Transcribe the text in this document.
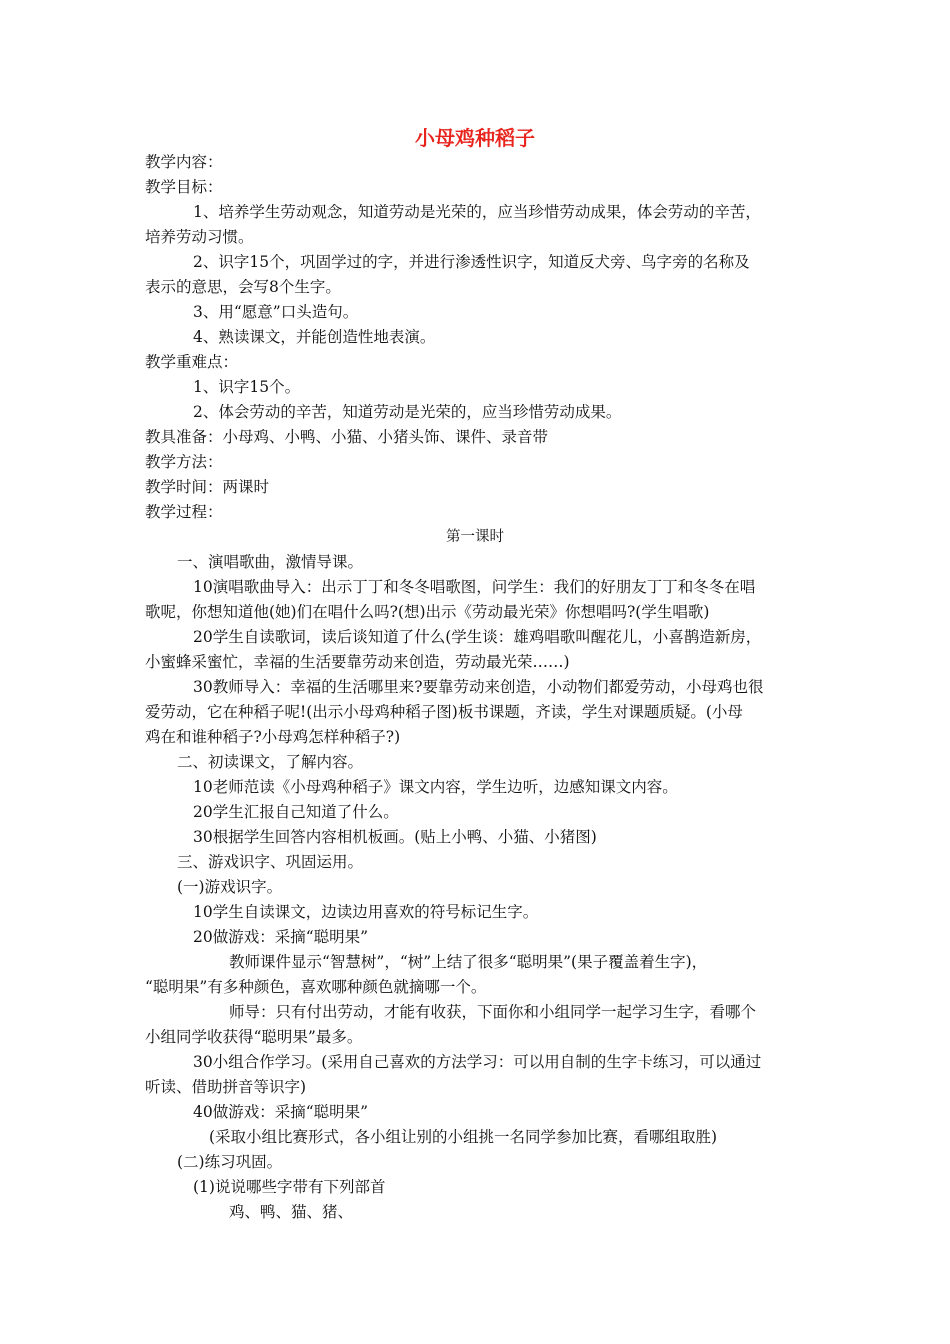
小母鸡种稻子
教学内容：
教学目标：
1、培养学生劳动观念，知道劳动是光荣的，应当珍惜劳动成果，体会劳动的辛苦，
培养劳动习惯。
2、识字15个，巩固学过的字，并进行渗透性识字，知道反犬旁、鸟字旁的名称及
表示的意思，会写8个生字。
3、用“愿意”口头造句。
4、熟读课文，并能创造性地表演。
教学重难点：
1、识字15个。
2、体会劳动的辛苦，知道劳动是光荣的，应当珍惜劳动成果。
教具准备：小母鸡、小鸭、小猫、小猪头饰、课件、录音带
教学方法：
教学时间：两课时
教学过程：
第一课时
一、演唱歌曲，激情导课。
10演唱歌曲导入：出示丁丁和冬冬唱歌图，问学生：我们的好朋友丁丁和冬冬在唱
歌呢，你想知道他(她)们在唱什么吗?(想)出示《劳动最光荣》你想唱吗?(学生唱歌)
20学生自读歌词，读后谈知道了什么(学生谈：雄鸡唱歌叫醒花儿，小喜鹊造新房，
小蜜蜂采蜜忙，幸福的生活要靠劳动来创造，劳动最光荣……)
30教师导入：幸福的生活哪里来?要靠劳动来创造，小动物们都爱劳动，小母鸡也很
爱劳动，它在种稻子呢!(出示小母鸡种稻子图)板书课题，齐读，学生对课题质疑。(小母
鸡在和谁种稻子?小母鸡怎样种稻子?)
二、初读课文，了解内容。
10老师范读《小母鸡种稻子》课文内容，学生边听，边感知课文内容。
20学生汇报自己知道了什么。
30根据学生回答内容相机板画。(贴上小鸭、小猫、小猪图)
三、游戏识字、巩固运用。
(一)游戏识字。
10学生自读课文，边读边用喜欢的符号标记生字。
20做游戏：采摘“聪明果”
教师课件显示“智慧树”，“树”上结了很多“聪明果”(果子覆盖着生字)，
“聪明果”有多种颜色，喜欢哪种颜色就摘哪一个。
师导：只有付出劳动，才能有收获，下面你和小组同学一起学习生字，看哪个
小组同学收获得“聪明果”最多。
30小组合作学习。(采用自己喜欢的方法学习：可以用自制的生字卡练习，可以通过
听读、借助拼音等识字)
40做游戏：采摘“聪明果”
(采取小组比赛形式，各小组让别的小组挑一名同学参加比赛，看哪组取胜)
(二)练习巩固。
(1)说说哪些字带有下列部首
鸡、鸭、猫、猪、
